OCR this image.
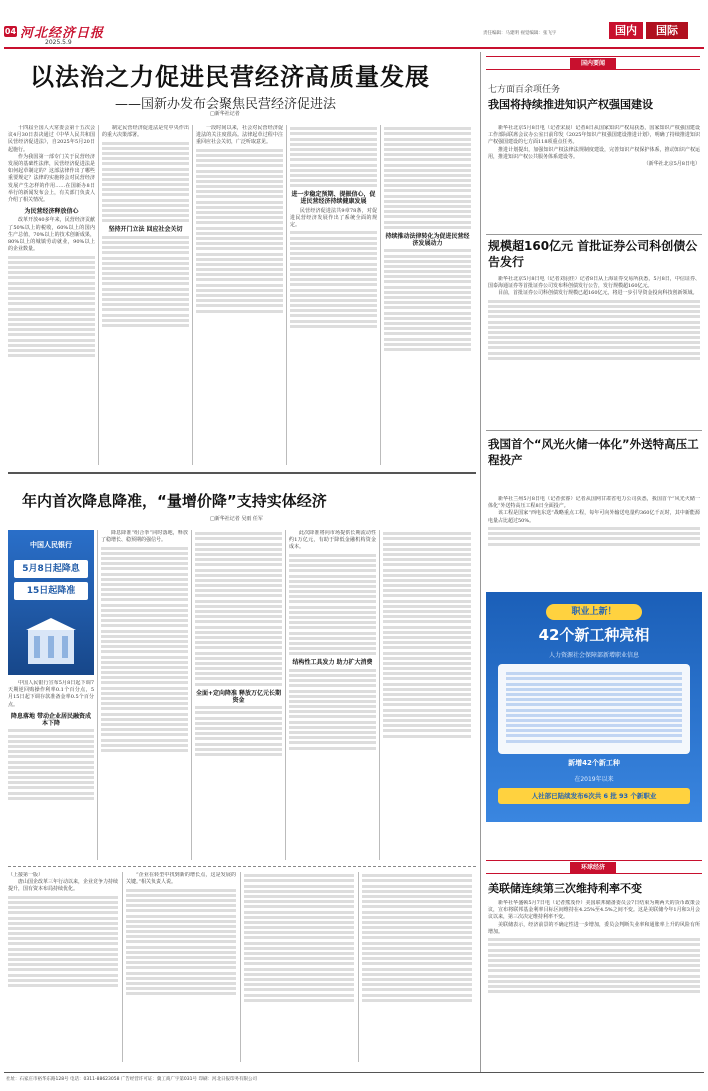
04 河北经济日报
2025.5.9
责任编辑：马建明 视觉编辑：张飞宇	国内	国际
以法治之力促进民营经济高质量发展
——国新办发布会聚焦民营经济促进法
□新华社记者

十四届全国人大常委会第十五次会议4月30日表决通过《中华人民共和国民营经济促进法》，自2025年5月20日起施行。

作为我国第一部专门关于民营经济发展的基础性法律，民营经济促进法是如何起草制定的？这部法律作出了哪些重要规定？法律的实施将会对民营经济发展产生怎样的作用……在国新办8日举行的新闻发布会上，有关部门负责人介绍了相关情况。

为民营经济释放信心

改革开放40多年来，民营经济贡献了50%以上的税收，60%以上的国内生产总值，70%以上的技术创新成果，80%以上的城镇劳动就业，90%以上的企业数量。

制定民营经济促进法是党中央作出的重大决策部署。

坚持开门立法 回应社会关切

一段时间以来，社会对民营经济促进法的关注度很高。法律起草过程中注重回应社会关切，广泛听取意见。

进一步稳定预期、提振信心，促进民营经济持续健康发展

民营经济促进法共9章78条，对促进民营经济发展作出了系统全面的规定。

持续推动法律转化为促进民营经济发展动力

年内首次降息降准，“量增价降”支持实体经济
□新华社记者 吴雨 任军
中国人民银行
5月8日起降息
15日起降准

中国人民银行宣布5月8日起下调7天期逆回购操作利率0.1个百分点，5月15日起下调存款准备金率0.5个百分点。

降息落地 带动企业居民融资成本下降

降息降准“组合拳”同时落地，释放了稳增长、稳预期的强信号。

全面+定向降准 释放万亿元长期资金

此次降准将向市场提供长期流动性约1万亿元，有助于降低金融机构资金成本。

结构性工具发力 助力扩大消费

（上接第一版）

唐山国企改革三年行动以来，企业竞争力持续提升，国有资本布局持续优化。

“企业在转型中找到新的增长点，这是发展的关键。”相关负责人说。

国内要闻
七方面百余项任务
我国将持续推进知识产权强国建设

新华社北京5月8日电（记者宋晨）记者8日从国家知识产权局获悉，国家知识产权强国建设工作部际联席会议办公室日前印发《2025年知识产权强国建设推进计划》，明确了持续推进知识产权强国建设的七方面118项重点任务。

推进计划提出，加强知识产权法律法规制度建设，完善知识产权保护体系，推动知识产权运用，推进知识产权公共服务体系建设等。

（新华社北京5月8日电）

规模超160亿元 首批证券公司科创债公告发行

新华社北京5月8日电（记者刘羽佳）记者8日从上海证券交易所获悉，5月8日，中信证券、国泰海通证券等首批证券公司发布科创债发行公告，发行规模超160亿元。

目前，首批证券公司科创债发行规模已超160亿元，将进一步引导资金投向科技创新领域。

我国首个“风光火储一体化”外送特高压工程投产

新华社兰州5月8日电（记者张睿）记者从国网甘肃省电力公司获悉，我国首个“风光火储一体化”外送特高压工程8日全面投产。

该工程是国家“西电东送”战略重点工程，每年可向外输送电量约360亿千瓦时，其中新能源电量占比超过50%。

职业上新！
42个新工种亮相
人力资源社会保障部新增职业信息
新增42个新工种
在2019年以来
人社部已陆续发布6次共 6 批 93 个新职业
环球经济
美联储连续第三次维持利率不变

新华社华盛顿5月7日电（记者熊茂伶）美国联邦储备委员会7日结束为期两天的货币政策会议，宣布将联邦基金利率目标区间维持在4.25%至4.5%之间不变。这是美联储今年1月和3月会议以来，第三次决定维持利率不变。

美联储表示，经济前景的不确定性进一步增加，委员会判断失业率和通胀率上升的风险有所增加。

社址：石家庄市裕华东路128号 电话：0311-88623058 广告经营许可证：冀工商广字第031号 印刷：河北日报印务有限公司
